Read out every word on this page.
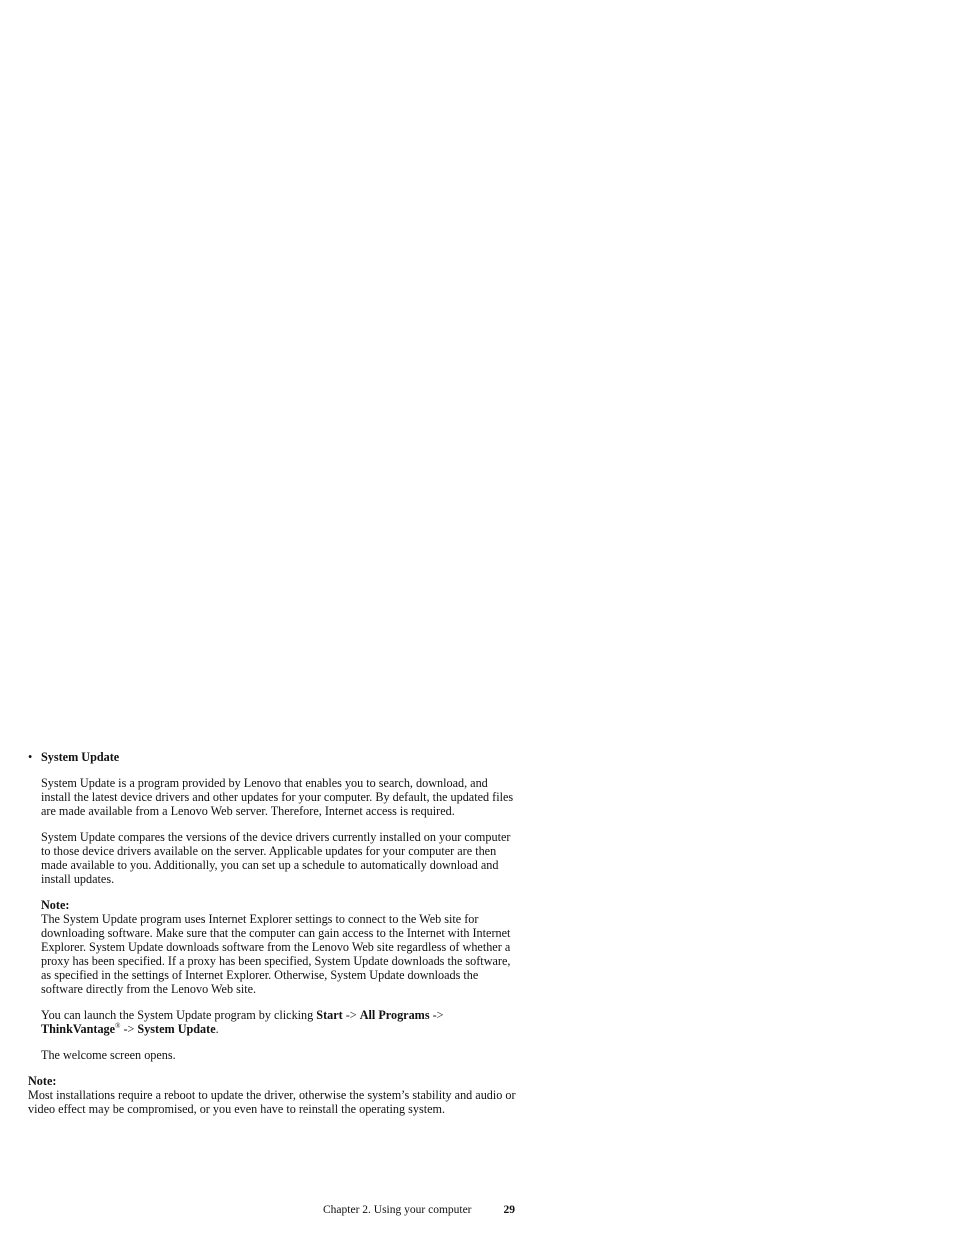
• System Update

System Update is a program provided by Lenovo that enables you to search, download, and install the latest device drivers and other updates for your computer. By default, the updated files are made available from a Lenovo Web server. Therefore, Internet access is required.

System Update compares the versions of the device drivers currently installed on your computer to those device drivers available on the server. Applicable updates for your computer are then made available to you. Additionally, you can set up a schedule to automatically download and install updates.

Note:

The System Update program uses Internet Explorer settings to connect to the Web site for downloading software. Make sure that the computer can gain access to the Internet with Internet Explorer. System Update downloads software from the Lenovo Web site regardless of whether a proxy has been specified. If a proxy has been specified, System Update downloads the software, as specified in the settings of Internet Explorer. Otherwise, System Update downloads the software directly from the Lenovo Web site.

You can launch the System Update program by clicking Start -> All Programs -> ThinkVantage® -> System Update.

The welcome screen opens.

Note:

Most installations require a reboot to update the driver, otherwise the system’s stability and audio or video effect may be compromised, or you even have to reinstall the operating system.

Chapter 2. Using your computer	29
